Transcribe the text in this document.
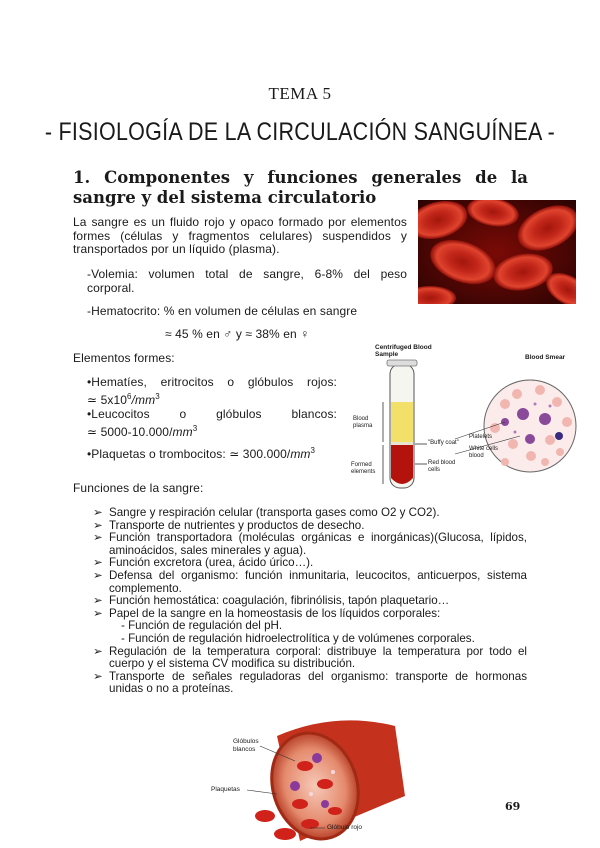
TEMA 5
- FISIOLOGÍA DE LA CIRCULACIÓN SANGUÍNEA -
1. Componentes y funciones generales de la sangre y del sistema circulatorio
La sangre es un fluido rojo y opaco formado por elementos formes (células y fragmentos celulares) suspendidos y transportados por un líquido (plasma).
-Volemia: volumen total de sangre, 6-8% del peso corporal.
-Hematocrito: % en volumen de células en sangre
≈ 45 % en ♂ y ≈ 38% en ♀
Elementos formes:
•Hematíes, eritrocitos o glóbulos rojos:
≃ $5x10^6/mm^3$
•Leucocitos o glóbulos blancos:
≃ $5000-10.000/mm^3$
•Plaquetas o trombocitos: ≃ $300.000/mm^3$
Centrifuged Blood Sample	Blood Smear
Blood plasma
"Buffy coat"
Platelets
White cells blood
Formed elements
Red blood cells
Funciones de la sangre:
➢ Sangre y respiración celular (transporta gases como O2 y CO2).
➢ Transporte de nutrientes y productos de desecho.
➢ Función transportadora (moléculas orgánicas e inorgánicas)(Glucosa, lípidos, aminoácidos, sales minerales y agua).
➢ Función excretora (urea, ácido úrico…).
➢ Defensa del organismo: función inmunitaria, leucocitos, anticuerpos, sistema complemento.
➢ Función hemostática: coagulación, fibrinólisis, tapón plaquetario…
➢ Papel de la sangre en la homeostasis de los líquidos corporales:
- Función de regulación del pH.
- Función de regulación hidroelectrolítica y de volúmenes corporales.
➢ Regulación de la temperatura corporal: distribuye la temperatura por todo el cuerpo y el sistema CV modifica su distribución.
➢ Transporte de señales reguladoras del organismo: transporte de hormonas unidas o no a proteínas.
Glóbulos blancos
Plaquetas
Glóbulo rojo
69
